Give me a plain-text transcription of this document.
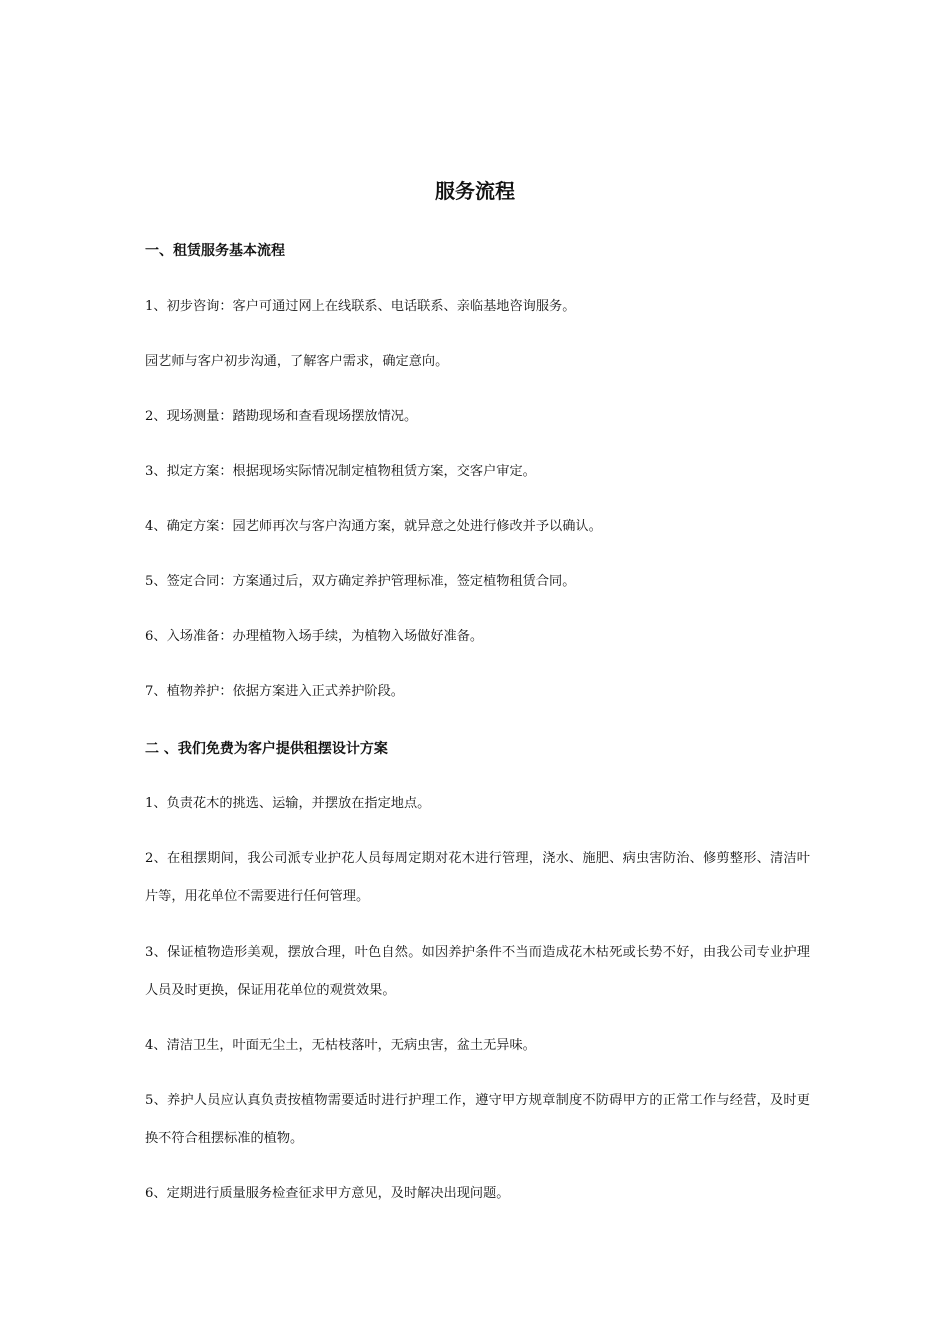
服务流程
一、租赁服务基本流程

1、初步咨询：客户可通过网上在线联系、电话联系、亲临基地咨询服务。

园艺师与客户初步沟通，了解客户需求，确定意向。

2、现场测量：踏勘现场和查看现场摆放情况。

3、拟定方案：根据现场实际情况制定植物租赁方案，交客户审定。

4、确定方案：园艺师再次与客户沟通方案，就异意之处进行修改并予以确认。

5、签定合同：方案通过后，双方确定养护管理标准，签定植物租赁合同。

6、入场准备：办理植物入场手续，为植物入场做好准备。

7、植物养护：依据方案进入正式养护阶段。

二 、我们免费为客户提供租摆设计方案

1、负责花木的挑选、运输，并摆放在指定地点。

2、在租摆期间，我公司派专业护花人员每周定期对花木进行管理，浇水、施肥、病虫害防治、修剪整形、清洁叶片等，用花单位不需要进行任何管理。

3、保证植物造形美观，摆放合理，叶色自然。如因养护条件不当而造成花木枯死或长势不好，由我公司专业护理人员及时更换，保证用花单位的观赏效果。

4、清洁卫生，叶面无尘土，无枯枝落叶，无病虫害，盆土无异味。

5、养护人员应认真负责按植物需要适时进行护理工作，遵守甲方规章制度不防碍甲方的正常工作与经营，及时更换不符合租摆标准的植物。

6、定期进行质量服务检查征求甲方意见，及时解决出现问题。
